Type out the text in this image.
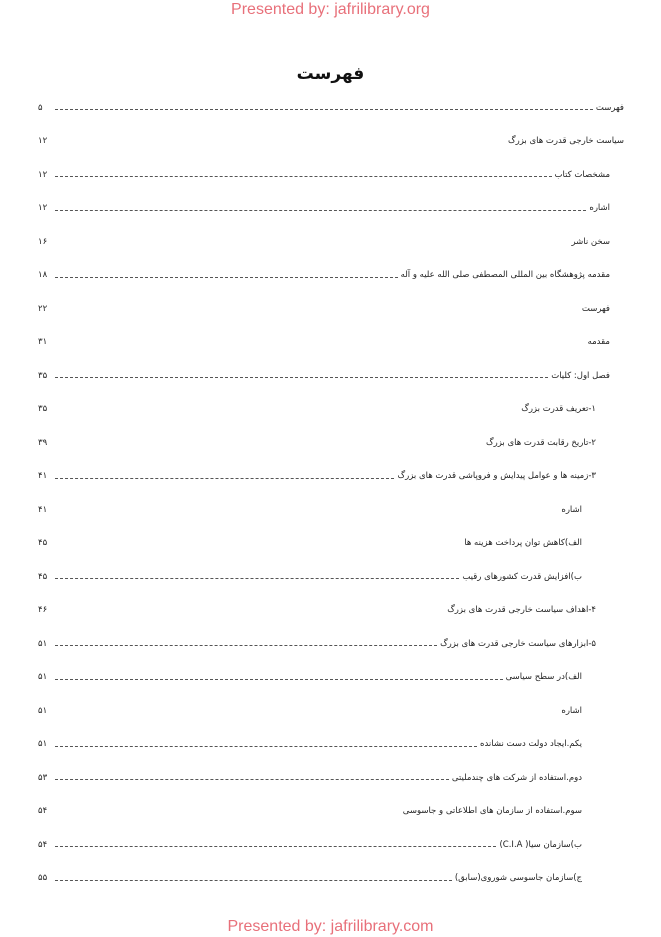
Presented by: jafrilibrary.org
فهرست
فهرست
۵
سیاست خارجی قدرت های بزرگ
۱۲
مشخصات کتاب
۱۲
اشاره
۱۲
سخن ناشر
۱۶
مقدمه پژوهشگاه بین المللی المصطفی صلی الله علیه و آله
۱۸
فهرست
۲۲
مقدمه
۳۱
فصل اول: کلیات
۳۵
۱-تعریف قدرت بزرگ
۳۵
۲-تاریخ رقابت قدرت های بزرگ
۳۹
۳-زمینه ها و عوامل پیدایش و فروپاشی قدرت های بزرگ
۴۱
اشاره
۴۱
الف)کاهش توان پرداخت هزینه ها
۴۵
ب)افزایش قدرت کشورهای رقیب
۴۵
۴-اهداف سیاست خارجی قدرت های بزرگ
۴۶
۵-ابزارهای سیاست خارجی قدرت های بزرگ
۵۱
الف)در سطح سیاسی
۵۱
اشاره
۵۱
یکم.ایجاد دولت دست نشانده
۵۱
دوم.استفاده از شرکت های چندملیتی
۵۳
سوم.استفاده از سازمان های اطلاعاتی و جاسوسی
۵۴
ب)سازمان سیا( C.I.A)
۵۴
ج)سازمان جاسوسی شوروی(سابق)
۵۵
Presented by: jafrilibrary.com
